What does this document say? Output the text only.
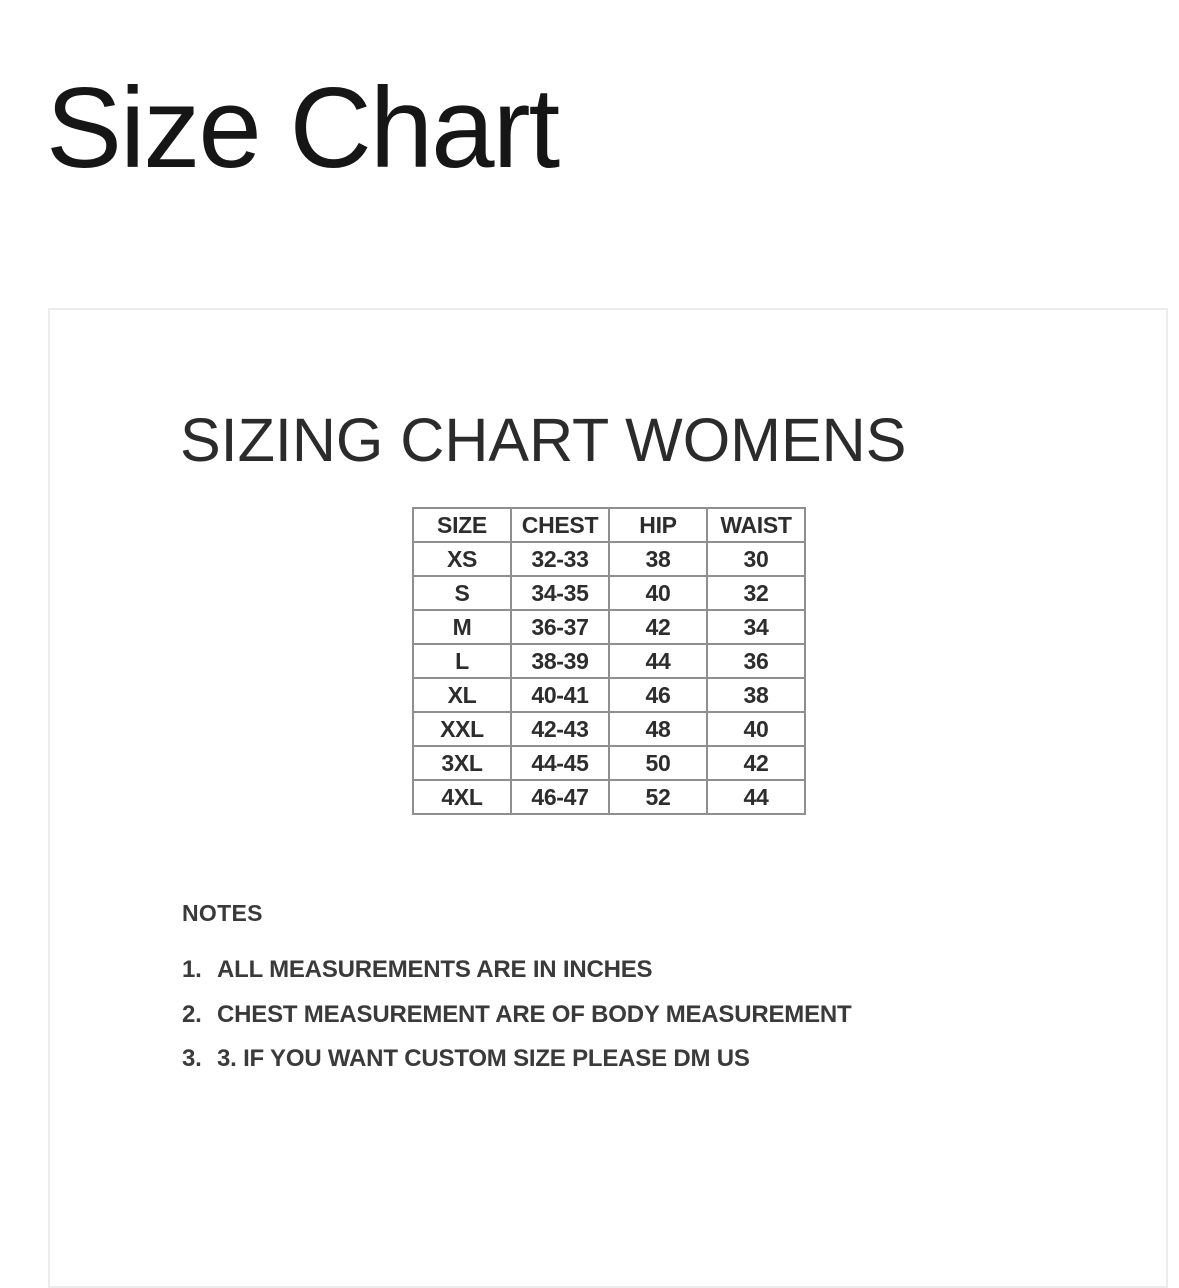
Size Chart
SIZING CHART WOMENS
SIZE	CHEST	HIP	WAIST
XS	32-33	38	30
S	34-35	40	32
M	36-37	42	34
L	38-39	44	36
XL	40-41	46	38
XXL	42-43	48	40
3XL	44-45	50	42
4XL	46-47	52	44
NOTES
1. ALL MEASUREMENTS ARE IN INCHES
2. CHEST MEASUREMENT ARE OF BODY MEASUREMENT
3. 3. IF YOU WANT CUSTOM SIZE PLEASE DM US
